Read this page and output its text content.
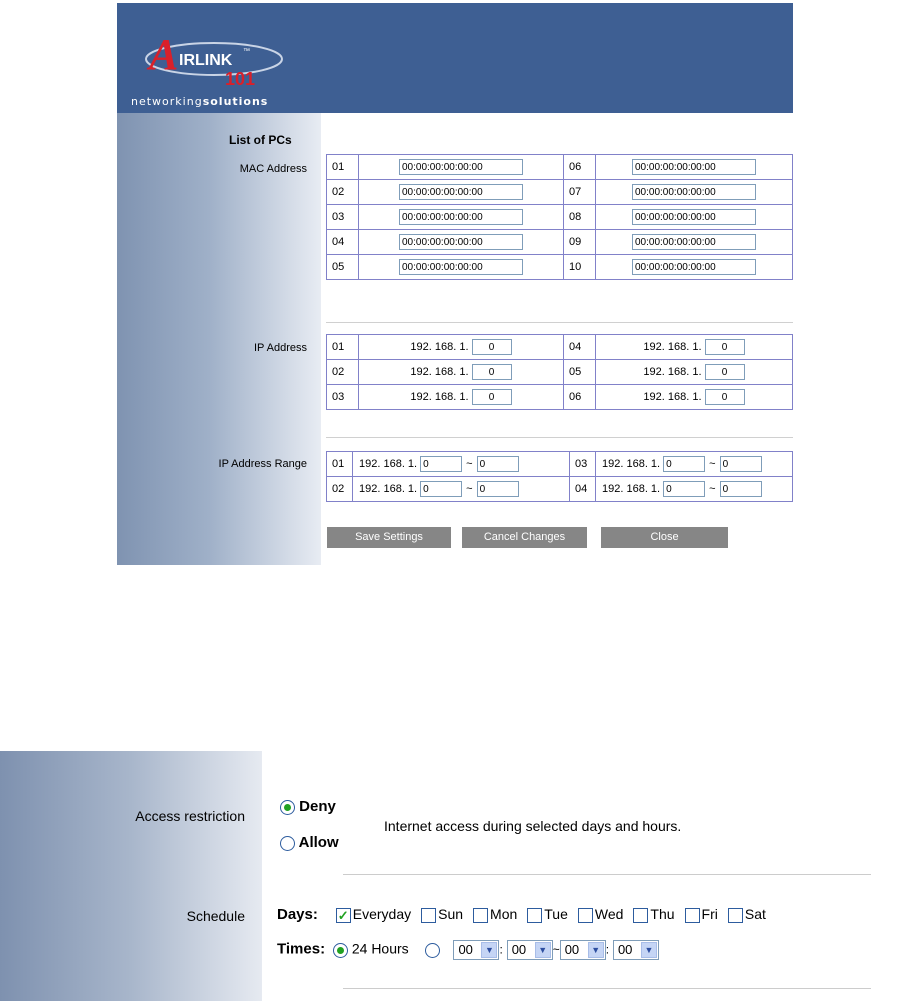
A IRLINK
™
101
networkingsolutions
List of PCs
MAC Address 01	00:00:00:00:00:00	06	00:00:00:00:00:00
02	00:00:00:00:00:00	07	00:00:00:00:00:00
03	00:00:00:00:00:00	08	00:00:00:00:00:00
04	00:00:00:00:00:00	09	00:00:00:00:00:00
05	00:00:00:00:00:00	10	00:00:00:00:00:00
IP Address 01	192. 168. 1. 0	04	192. 168. 1. 0
02	192. 168. 1. 0	05	192. 168. 1. 0
03	192. 168. 1. 0	06	192. 168. 1. 0
IP Address Range 01	192. 168. 1. 0 ~ 0	03	192. 168. 1. 0 ~ 0
02	192. 168. 1. 0 ~ 0	04	192. 168. 1. 0 ~ 0
Save Settings	Cancel Changes	Close
Access restriction
Deny
Allow
Internet access during selected days and hours.
Schedule Days: ✓ Everyday Sun Mon Tue Wed Thu Fri Sat
Times: 24 Hours	00	▼ : 00	▼ ~ 00	▼ : 00	▼
